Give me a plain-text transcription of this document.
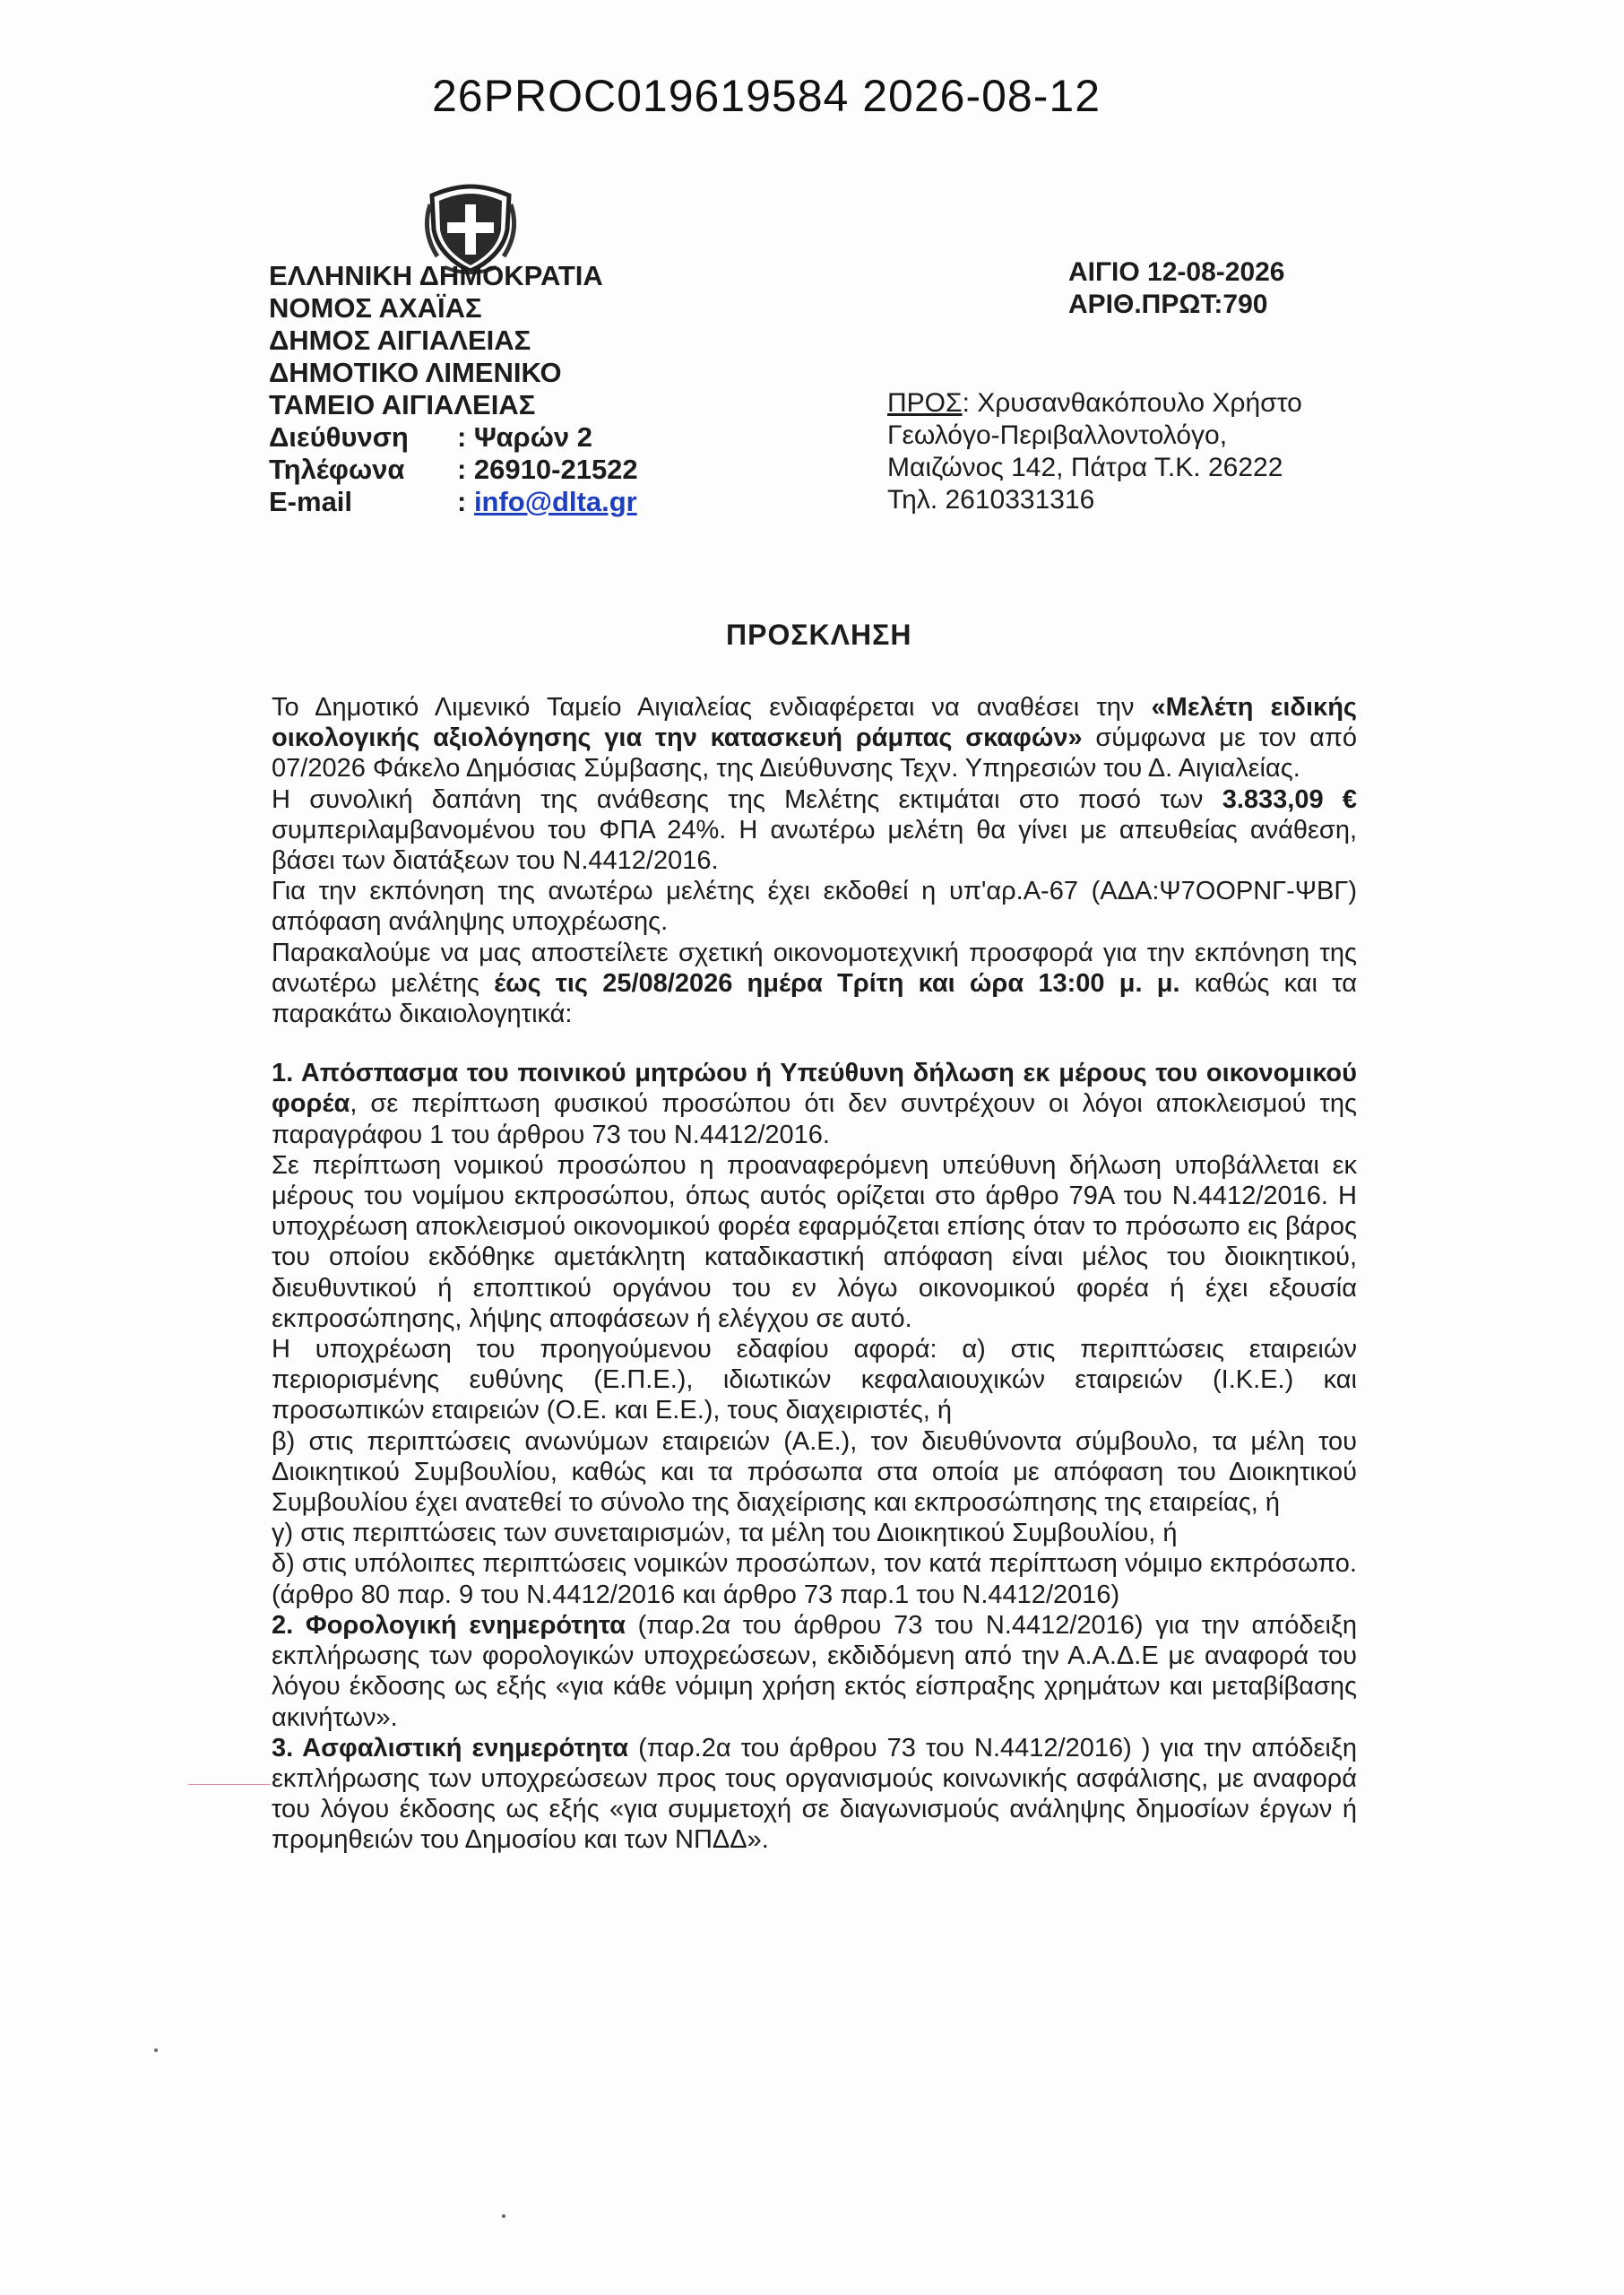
26PROC019619584 2026-08-12
ΕΛΛΗΝΙΚΗ ΔΗΜΟΚΡΑΤΙΑ
ΝΟΜΟΣ ΑΧΑΪΑΣ
ΔΗΜΟΣ ΑΙΓΙΑΛΕΙΑΣ
ΔΗΜΟΤΙΚΟ ΛΙΜΕΝΙΚΟ
ΤΑΜΕΙΟ ΑΙΓΙΑΛΕΙΑΣ
Διεύθυνση	: Ψαρών 2
Τηλέφωνα	: 26910-21522
E-mail	: info@dlta.gr
ΑΙΓΙΟ 12-08-2026
ΑΡΙΘ.ΠΡΩΤ:790
ΠΡΟΣ: Χρυσανθακόπουλο Χρήστο
Γεωλόγο-Περιβαλλοντολόγο,
Μαιζώνος 142, Πάτρα Τ.Κ. 26222
Τηλ. 2610331316
ΠΡΟΣΚΛΗΣΗ

Το Δημοτικό Λιμενικό Ταμείο Αιγιαλείας ενδιαφέρεται να αναθέσει την «Μελέτη ειδικής οικολογικής αξιολόγησης για την κατασκευή ράμπας σκαφών» σύμφωνα με τον από 07/2026 Φάκελο Δημόσιας Σύμβασης, της Διεύθυνσης Τεχν. Υπηρεσιών του Δ. Αιγιαλείας.

Η συνολική δαπάνη της ανάθεσης της Μελέτης εκτιμάται στο ποσό των 3.833,09 € συμπεριλαμβανομένου του ΦΠΑ 24%. Η ανωτέρω μελέτη θα γίνει με απευθείας ανάθεση, βάσει των διατάξεων του Ν.4412/2016.

Για την εκπόνηση της ανωτέρω μελέτης έχει εκδοθεί η υπ'αρ.Α-67 (ΑΔΑ:Ψ7ΟΟΡΝΓ-ΨΒΓ) απόφαση ανάληψης υποχρέωσης.

Παρακαλούμε να μας αποστείλετε σχετική οικονομοτεχνική προσφορά για την εκπόνηση της ανωτέρω μελέτης έως τις 25/08/2026 ημέρα Τρίτη και ώρα 13:00 μ. μ. καθώς και τα παρακάτω δικαιολογητικά:

1. Απόσπασμα του ποινικού μητρώου ή Υπεύθυνη δήλωση εκ μέρους του οικονομικού φορέα, σε περίπτωση φυσικού προσώπου ότι δεν συντρέχουν οι λόγοι αποκλεισμού της παραγράφου 1 του άρθρου 73 του Ν.4412/2016.

Σε περίπτωση νομικού προσώπου η προαναφερόμενη υπεύθυνη δήλωση υποβάλλεται εκ μέρους του νομίμου εκπροσώπου, όπως αυτός ορίζεται στο άρθρο 79Α του Ν.4412/2016. Η υποχρέωση αποκλεισμού οικονομικού φορέα εφαρμόζεται επίσης όταν το πρόσωπο εις βάρος του οποίου εκδόθηκε αμετάκλητη καταδικαστική απόφαση είναι μέλος του διοικητικού, διευθυντικού ή εποπτικού οργάνου του εν λόγω οικονομικού φορέα ή έχει εξουσία εκπροσώπησης, λήψης αποφάσεων ή ελέγχου σε αυτό.

Η υποχρέωση του προηγούμενου εδαφίου αφορά: α) στις περιπτώσεις εταιρειών περιορισμένης ευθύνης (Ε.Π.Ε.), ιδιωτικών κεφαλαιουχικών εταιρειών (Ι.Κ.Ε.) και προσωπικών εταιρειών (Ο.Ε. και Ε.Ε.), τους διαχειριστές, ή

β) στις περιπτώσεις ανωνύμων εταιρειών (Α.Ε.), τον διευθύνοντα σύμβουλο, τα μέλη του Διοικητικού Συμβουλίου, καθώς και τα πρόσωπα στα οποία με απόφαση του Διοικητικού Συμβουλίου έχει ανατεθεί το σύνολο της διαχείρισης και εκπροσώπησης της εταιρείας, ή

γ) στις περιπτώσεις των συνεταιρισμών, τα μέλη του Διοικητικού Συμβουλίου, ή

δ) στις υπόλοιπες περιπτώσεις νομικών προσώπων, τον κατά περίπτωση νόμιμο εκπρόσωπο.(άρθρο 80 παρ. 9 του Ν.4412/2016 και άρθρο 73 παρ.1 του Ν.4412/2016)

2. Φορολογική ενημερότητα (παρ.2α του άρθρου 73 του Ν.4412/2016) για την απόδειξη εκπλήρωσης των φορολογικών υποχρεώσεων, εκδιδόμενη από την Α.Α.Δ.Ε με αναφορά του λόγου έκδοσης ως εξής «για κάθε νόμιμη χρήση εκτός είσπραξης χρημάτων και μεταβίβασης ακινήτων».

3. Ασφαλιστική ενημερότητα (παρ.2α του άρθρου 73 του Ν.4412/2016) ) για την απόδειξη εκπλήρωσης των υποχρεώσεων προς τους οργανισμούς κοινωνικής ασφάλισης, με αναφορά του λόγου έκδοσης ως εξής «για συμμετοχή σε διαγωνισμούς ανάληψης δημοσίων έργων ή προμηθειών του Δημοσίου και των ΝΠΔΔ».
